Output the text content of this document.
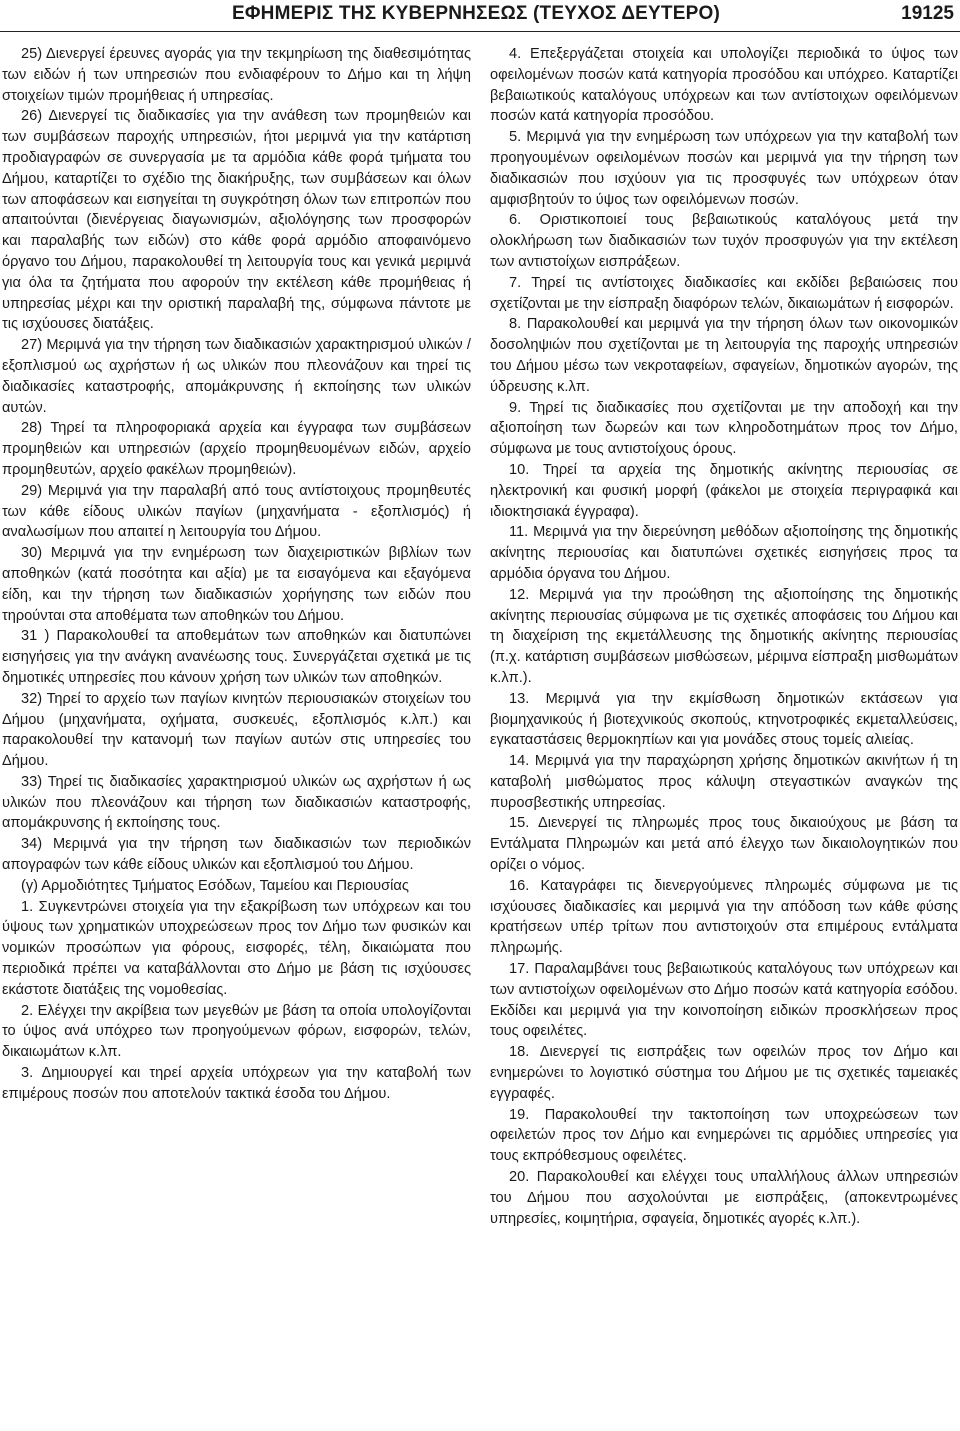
ΕΦΗΜΕΡΙΣ ΤΗΣ ΚΥΒΕΡΝΗΣΕΩΣ (ΤΕΥΧΟΣ ΔΕΥΤΕΡΟ)	19125

25) Διενεργεί έρευνες αγοράς για την τεκμηρίωση της διαθεσιμότητας των ειδών ή των υπηρεσιών που ενδιαφέρουν το Δήμο και τη λήψη στοιχείων τιμών προμήθειας ή υπηρεσίας.

26) Διενεργεί τις διαδικασίες για την ανάθεση των προμηθειών και των συμβάσεων παροχής υπηρεσιών, ήτοι μεριμνά για την κατάρτιση προδιαγραφών σε συνεργασία με τα αρμόδια κάθε φορά τμήματα του Δήμου, καταρτίζει το σχέδιο της διακήρυξης, των συμβάσεων και όλων των αποφάσεων και εισηγείται τη συγκρότηση όλων των επιτροπών που απαιτούνται (διενέργειας διαγωνισμών, αξιολόγησης των προσφορών και παραλαβής των ειδών) στο κάθε φορά αρμόδιο αποφαινόμενο όργανο του Δήμου, παρακολουθεί τη λειτουργία τους και γενικά μεριμνά για όλα τα ζητήματα που αφορούν την εκτέλεση κάθε προμήθειας ή υπηρεσίας μέχρι και την οριστική παραλαβή της, σύμφωνα πάντοτε με τις ισχύουσες διατάξεις.

27) Μεριμνά για την τήρηση των διαδικασιών χαρακτηρισμού υλικών / εξοπλισμού ως αχρήστων ή ως υλικών που πλεονάζουν και τηρεί τις διαδικασίες καταστροφής, απομάκρυνσης ή εκποίησης των υλικών αυτών.

28) Τηρεί τα πληροφοριακά αρχεία και έγγραφα των συμβάσεων προμηθειών και υπηρεσιών (αρχείο προμηθευομένων ειδών, αρχείο προμηθευτών, αρχείο φακέλων προμηθειών).

29) Μεριμνά για την παραλαβή από τους αντίστοιχους προμηθευτές των κάθε είδους υλικών παγίων (μηχανήματα - εξοπλισμός) ή αναλωσίμων που απαιτεί η λειτουργία του Δήμου.

30) Μεριμνά για την ενημέρωση των διαχειριστικών βιβλίων των αποθηκών (κατά ποσότητα και αξία) με τα εισαγόμενα και εξαγόμενα είδη, και την τήρηση των διαδικασιών χορήγησης των ειδών που τηρούνται στα αποθέματα των αποθηκών του Δήμου.

31 ) Παρακολουθεί τα αποθεμάτων των αποθηκών και διατυπώνει εισηγήσεις για την ανάγκη ανανέωσης τους. Συνεργάζεται σχετικά με τις δημοτικές υπηρεσίες που κάνουν χρήση των υλικών των αποθηκών.

32) Τηρεί το αρχείο των παγίων κινητών περιουσιακών στοιχείων του Δήμου (μηχανήματα, οχήματα, συσκευές, εξοπλισμός κ.λπ.) και παρακολουθεί την κατανομή των παγίων αυτών στις υπηρεσίες του Δήμου.

33) Τηρεί τις διαδικασίες χαρακτηρισμού υλικών ως αχρήστων ή ως υλικών που πλεονάζουν και τήρηση των διαδικασιών καταστροφής, απομάκρυνσης ή εκποίησης τους.

34) Μεριμνά για την τήρηση των διαδικασιών των περιοδικών απογραφών των κάθε είδους υλικών και εξοπλισμού του Δήμου.

(γ) Αρμοδιότητες Τμήματος Εσόδων, Ταμείου και Περιουσίας

1. Συγκεντρώνει στοιχεία για την εξακρίβωση των υπόχρεων και του ύψους των χρηματικών υποχρεώσεων προς τον Δήμο των φυσικών και νομικών προσώπων για φόρους, εισφορές, τέλη, δικαιώματα που περιοδικά πρέπει να καταβάλλονται στο Δήμο με βάση τις ισχύουσες εκάστοτε διατάξεις της νομοθεσίας.

2. Ελέγχει την ακρίβεια των μεγεθών με βάση τα οποία υπολογίζονται το ύψος ανά υπόχρεο των προηγούμενων φόρων, εισφορών, τελών, δικαιωμάτων κ.λπ.

3. Δημιουργεί και τηρεί αρχεία υπόχρεων για την καταβολή των επιμέρους ποσών που αποτελούν τακτικά έσοδα του Δήμου.

4. Επεξεργάζεται στοιχεία και υπολογίζει περιοδικά το ύψος των οφειλομένων ποσών κατά κατηγορία προσόδου και υπόχρεο. Καταρτίζει βεβαιωτικούς καταλόγους υπόχρεων και των αντίστοιχων οφειλόμενων ποσών κατά κατηγορία προσόδου.

5. Μεριμνά για την ενημέρωση των υπόχρεων για την καταβολή των προηγουμένων οφειλομένων ποσών και μεριμνά για την τήρηση των διαδικασιών που ισχύουν για τις προσφυγές των υπόχρεων όταν αμφισβητούν το ύψος των οφειλόμενων ποσών.

6. Οριστικοποιεί τους βεβαιωτικούς καταλόγους μετά την ολοκλήρωση των διαδικασιών των τυχόν προσφυγών για την εκτέλεση των αντιστοίχων εισπράξεων.

7. Τηρεί τις αντίστοιχες διαδικασίες και εκδίδει βεβαιώσεις που σχετίζονται με την είσπραξη διαφόρων τελών, δικαιωμάτων ή εισφορών.

8. Παρακολουθεί και μεριμνά για την τήρηση όλων των οικονομικών δοσοληψιών που σχετίζονται με τη λειτουργία της παροχής υπηρεσιών του Δήμου μέσω των νεκροταφείων, σφαγείων, δημοτικών αγορών, της ύδρευσης κ.λπ.

9. Τηρεί τις διαδικασίες που σχετίζονται με την αποδοχή και την αξιοποίηση των δωρεών και των κληροδοτημάτων προς τον Δήμο, σύμφωνα με τους αντιστοίχους όρους.

10. Τηρεί τα αρχεία της δημοτικής ακίνητης περιουσίας σε ηλεκτρονική και φυσική μορφή (φάκελοι με στοιχεία περιγραφικά και ιδιοκτησιακά έγγραφα).

11. Μεριμνά για την διερεύνηση μεθόδων αξιοποίησης της δημοτικής ακίνητης περιουσίας και διατυπώνει σχετικές εισηγήσεις προς τα αρμόδια όργανα του Δήμου.

12. Μεριμνά για την προώθηση της αξιοποίησης της δημοτικής ακίνητης περιουσίας σύμφωνα με τις σχετικές αποφάσεις του Δήμου και τη διαχείριση της εκμετάλλευσης της δημοτικής ακίνητης περιουσίας (π.χ. κατάρτιση συμβάσεων μισθώσεων, μέριμνα είσπραξη μισθωμάτων κ.λπ.).

13. Μεριμνά για την εκμίσθωση δημοτικών εκτάσεων για βιομηχανικούς ή βιοτεχνικούς σκοπούς, κτηνοτροφικές εκμεταλλεύσεις, εγκαταστάσεις θερμοκηπίων και για μονάδες στους τομείς αλιείας.

14. Μεριμνά για την παραχώρηση χρήσης δημοτικών ακινήτων ή τη καταβολή μισθώματος προς κάλυψη στεγαστικών αναγκών της πυροσβεστικής υπηρεσίας.

15. Διενεργεί τις πληρωμές προς τους δικαιούχους με βάση τα Εντάλματα Πληρωμών και μετά από έλεγχο των δικαιολογητικών που ορίζει ο νόμος.

16. Καταγράφει τις διενεργούμενες πληρωμές σύμφωνα με τις ισχύουσες διαδικασίες και μεριμνά για την απόδοση των κάθε φύσης κρατήσεων υπέρ τρίτων που αντιστοιχούν στα επιμέρους εντάλματα πληρωμής.

17. Παραλαμβάνει τους βεβαιωτικούς καταλόγους των υπόχρεων και των αντιστοίχων οφειλομένων στο Δήμο ποσών κατά κατηγορία εσόδου. Εκδίδει και μεριμνά για την κοινοποίηση ειδικών προσκλήσεων προς τους οφειλέτες.

18. Διενεργεί τις εισπράξεις των οφειλών προς τον Δήμο και ενημερώνει το λογιστικό σύστημα του Δήμου με τις σχετικές ταμειακές εγγραφές.

19. Παρακολουθεί την τακτοποίηση των υποχρεώσεων των οφειλετών προς τον Δήμο και ενημερώνει τις αρμόδιες υπηρεσίες για τους εκπρόθεσμους οφειλέτες.

20. Παρακολουθεί και ελέγχει τους υπαλλήλους άλλων υπηρεσιών του Δήμου που ασχολούνται με εισπράξεις, (αποκεντρωμένες υπηρεσίες, κοιμητήρια, σφαγεία, δημοτικές αγορές κ.λπ.).
